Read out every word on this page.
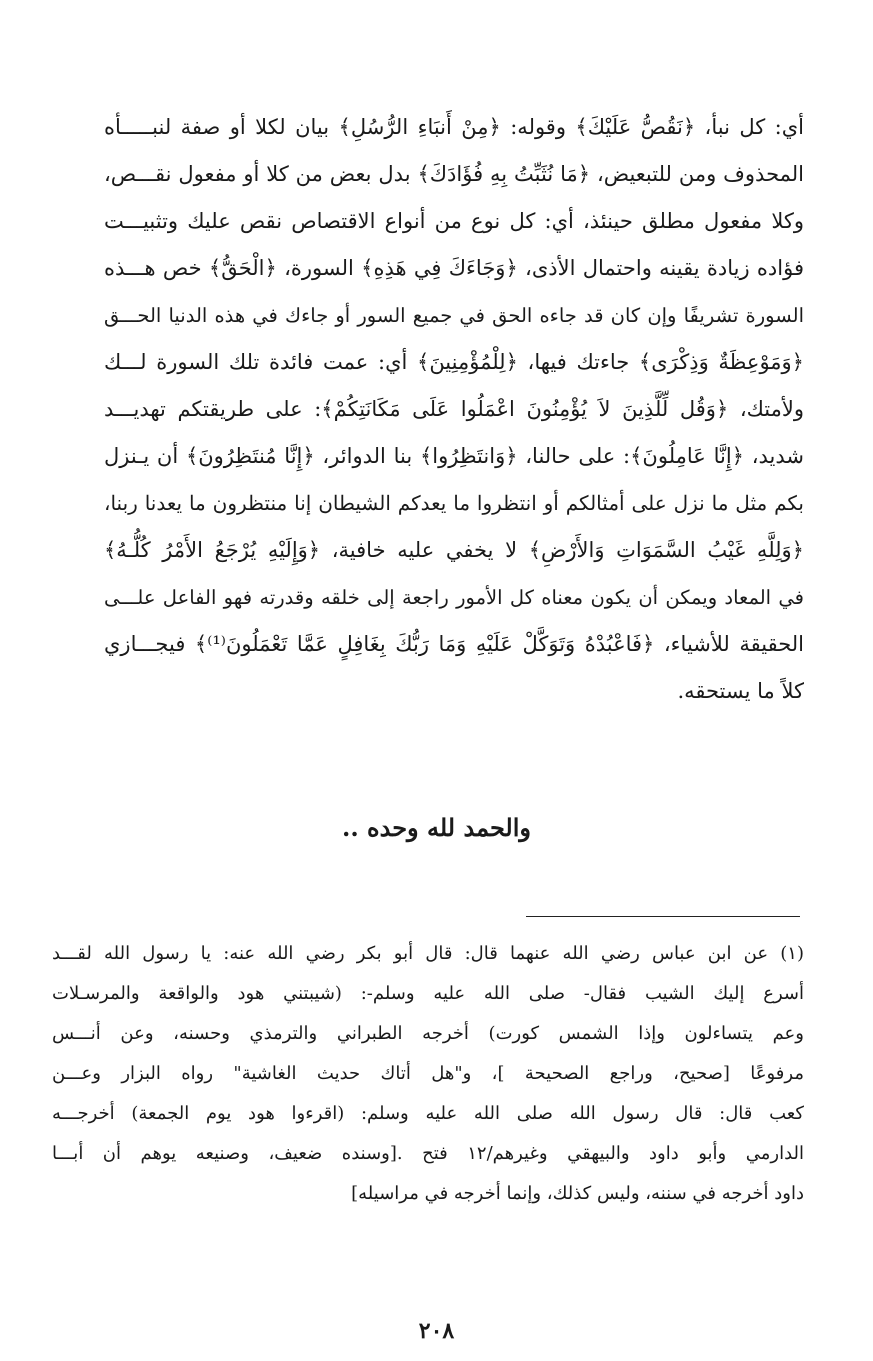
أي: كل نبأ، ﴿نَقُصُّ عَلَيْكَ﴾ وقوله: ﴿مِنْ أَنبَاءِ الرُّسُلِ﴾ بيان لكلا أو صفة لنبـــــأه
المحذوف ومن للتبعيض، ﴿مَا نُثَبِّتُ بِهِ فُؤَادَكَ﴾ بدل بعض من كلا أو مفعول نقـــص،
وكلا مفعول مطلق حينئذ، أي: كل نوع من أنواع الاقتصاص نقص عليك وتثبيـــت
فؤاده زيادة يقينه واحتمال الأذى، ﴿وَجَاءَكَ فِي هَذِهِ﴾ السورة، ﴿الْحَقُّ﴾ خص هـــذه
السورة تشريفًا وإن كان قد جاءه الحق في جميع السور أو جاءك في هذه الدنيا الحـــق
﴿وَمَوْعِظَةٌ وَذِكْرَى﴾ جاءتك فيها، ﴿لِلْمُؤْمِنِينَ﴾ أي: عمت فائدة تلك السورة لـــك
ولأمتك، ﴿وَقُل لِّلَّذِينَ لاَ يُؤْمِنُونَ اعْمَلُوا عَلَى مَكَانَتِكُمْ﴾: على طريقتكم تهديـــد
شديد، ﴿إِنَّا عَامِلُونَ﴾: على حالنا، ﴿وَانتَظِرُوا﴾ بنا الدوائر، ﴿إِنَّا مُنتَظِرُونَ﴾ أن يـنزل
بكم مثل ما نزل على أمثالكم أو انتظروا ما يعدكم الشيطان إنا منتظرون ما يعدنا ربنا،
﴿وَلِلَّهِ غَيْبُ السَّمَوَاتِ وَالأَرْضِ﴾ لا يخفي عليه خافية، ﴿وَإِلَيْهِ يُرْجَعُ الأَمْرُ كُلُّـهُ﴾
في المعاد ويمكن أن يكون معناه كل الأمور راجعة إلى خلقه وقدرته فهو الفاعل علـــى
الحقيقة للأشياء، ﴿فَاعْبُدْهُ وَتَوَكَّلْ عَلَيْهِ وَمَا رَبُّكَ بِغَافِلٍ عَمَّا تَعْمَلُونَ⁽¹⁾﴾ فيجـــازي
كلاً ما يستحقه.
والحمد لله وحده ..
(١) عن ابن عباس رضي الله عنهما قال: قال أبو بكر رضي الله عنه: يا رسول الله لقـــد
أسرع إليك الشيب فقال- صلى الله عليه وسلم-: (شيبتني هود والواقعة والمرسـلات
وعم يتساءلون وإذا الشمس كورت) أخرجه الطبراني والترمذي وحسنه، وعن أنـــس
مرفوعًا [صحيح، وراجع الصحيحة ]، و"هل أتاك حديث الغاشية" رواه البزار وعـــن
كعب قال: قال رسول الله صلى الله عليه وسلم: (اقرءوا هود يوم الجمعة) أخرجـــه
الدارمي وأبو داود والبيهقي وغيرهم/١٢ فتح .[وسنده ضعيف، وصنيعه يوهم أن أبـــا
داود أخرجه في سننه، وليس كذلك، وإنما أخرجه في مراسيله]
٢٠٨
